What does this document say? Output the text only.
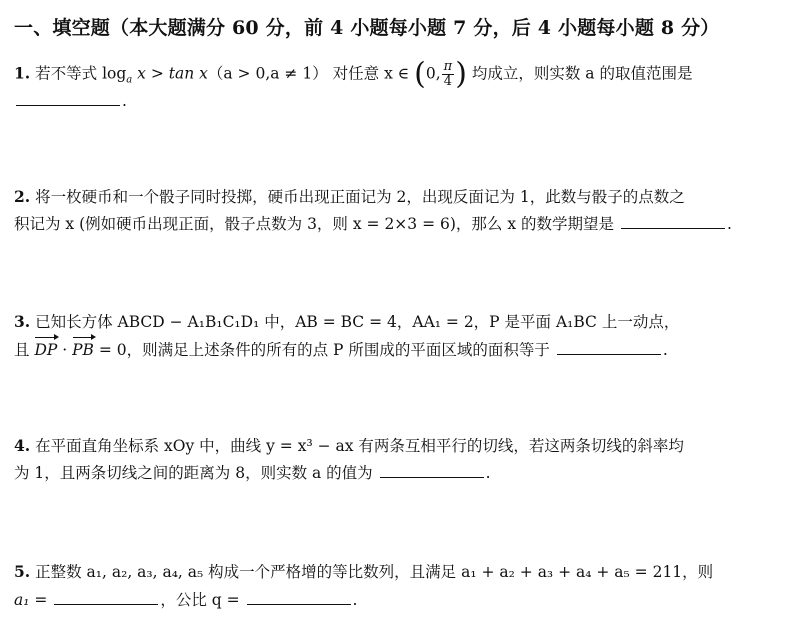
一、填空题（本大题满分 60 分，前 4 小题每小题 7 分，后 4 小题每小题 8 分）
1. 若不等式 $\log_a x > \tan x(a > 0,a \ne 1)$ 对任意 x ∈ (0, $\frac{\pi}{4}$ ) 均成立，则实数 a 的取值范围是
.
2. 将一枚硬币和一个骰子同时投掷，硬币出现正面记为 2，出现反面记为 1，此数与骰子的点数之
积记为 x (例如硬币出现正面，骰子点数为 3，则 x = 2×3 = 6)，那么 x 的数学期望是	.
3. 已知长方体 ABCD − A₁B₁C₁D₁ 中，AB = BC = 4，AA₁ = 2，P 是平面 A₁BC 上一动点，
且 DP · PB = 0，则满足上述条件的所有的点 P 所围成的平面区域的面积等于	.
4. 在平面直角坐标系 xOy 中，曲线 y = x³ − ax 有两条互相平行的切线，若这两条切线的斜率均
为 1，且两条切线之间的距离为 8，则实数 a 的值为	.
5. 正整数 a₁, a₂, a₃, a₄, a₅ 构成一个严格增的等比数列，且满足 a₁ + a₂ + a₃ + a₄ + a₅ = 211，则
a₁ =	，公比 q =	.
